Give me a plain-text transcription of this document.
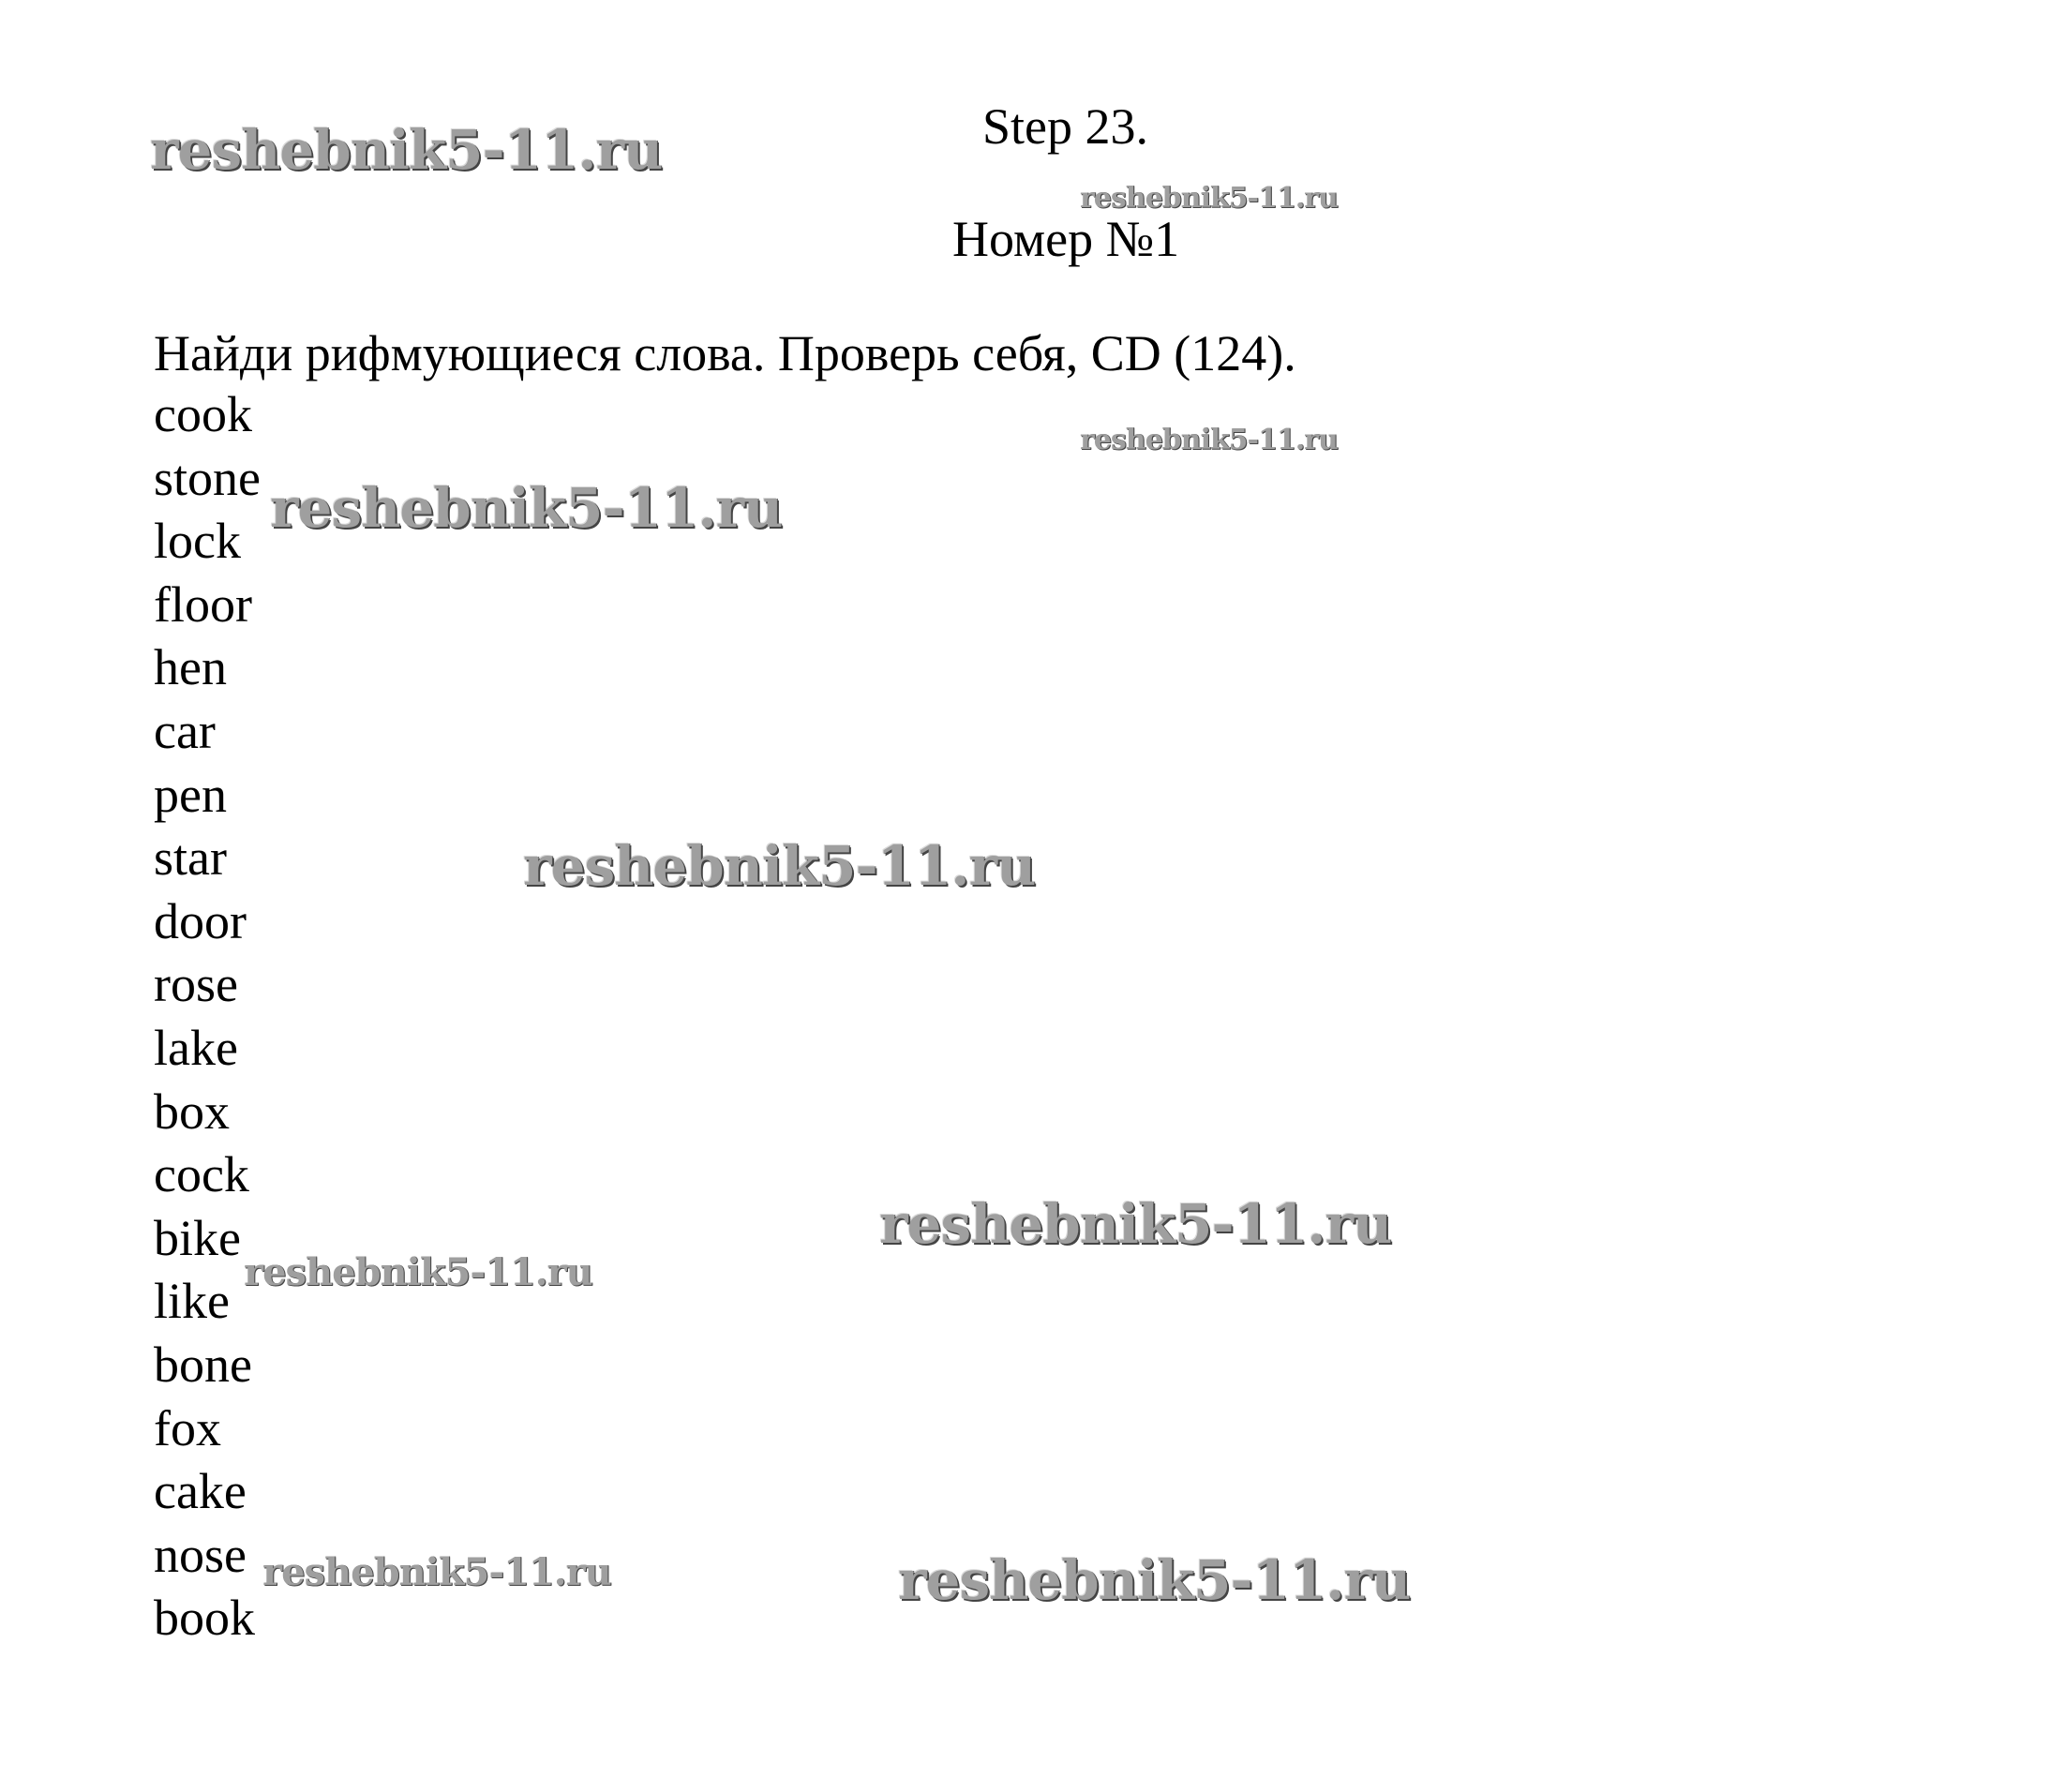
Step 23.
Номер №1
Найди рифмующиеся слова. Проверь себя, CD (124).
cook
stone
lock
floor
hen
car
pen
star
door
rose
lake
box
cock
bike
like
bone
fox
cake
nose
book
reshebnik5-11.ru
reshebnik5-11.ru
reshebnik5-11.ru
reshebnik5-11.ru
reshebnik5-11.ru
reshebnik5-11.ru
reshebnik5-11.ru
reshebnik5-11.ru	reshebnik5-11.ru
